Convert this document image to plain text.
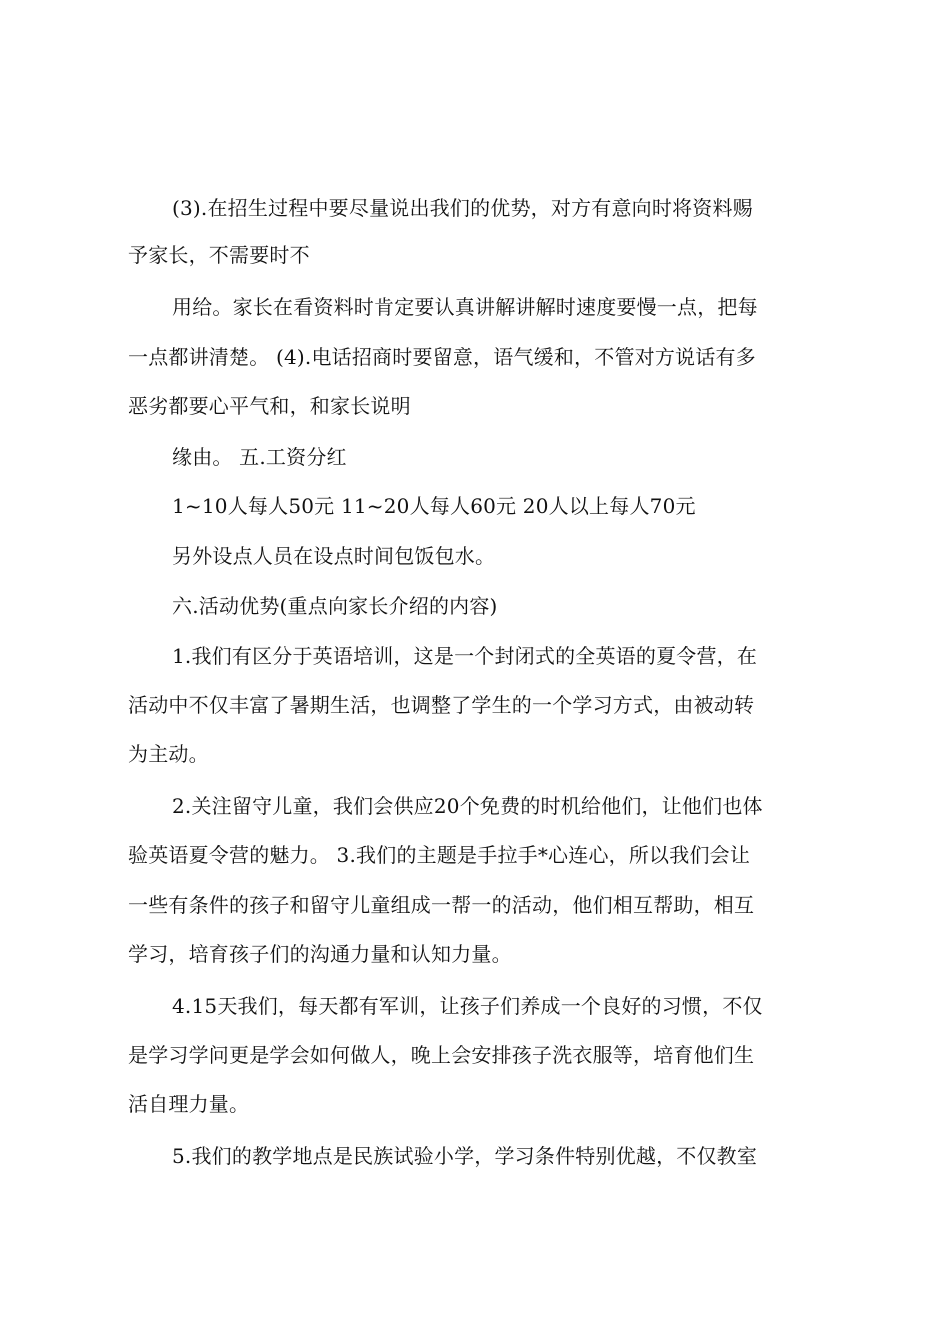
(3).在招生过程中要尽量说出我们的优势，对方有意向时将资料赐
予家长，不需要时不
用给。家长在看资料时肯定要认真讲解讲解时速度要慢一点，把每
一点都讲清楚。 (4).电话招商时要留意，语气缓和，不管对方说话有多
恶劣都要心平气和，和家长说明
缘由。 五.工资分红
1~10人每人50元 11~20人每人60元 20人以上每人70元
另外设点人员在设点时间包饭包水。
六.活动优势(重点向家长介绍的内容)
1.我们有区分于英语培训，这是一个封闭式的全英语的夏令营，在
活动中不仅丰富了暑期生活，也调整了学生的一个学习方式，由被动转
为主动。
2.关注留守儿童，我们会供应20个免费的时机给他们，让他们也体
验英语夏令营的魅力。 3.我们的主题是手拉手*心连心，所以我们会让
一些有条件的孩子和留守儿童组成一帮一的活动，他们相互帮助，相互
学习，培育孩子们的沟通力量和认知力量。
4.15天我们，每天都有军训，让孩子们养成一个良好的习惯，不仅
是学习学问更是学会如何做人，晚上会安排孩子洗衣服等，培育他们生
活自理力量。
5.我们的教学地点是民族试验小学，学习条件特别优越，不仅教室
